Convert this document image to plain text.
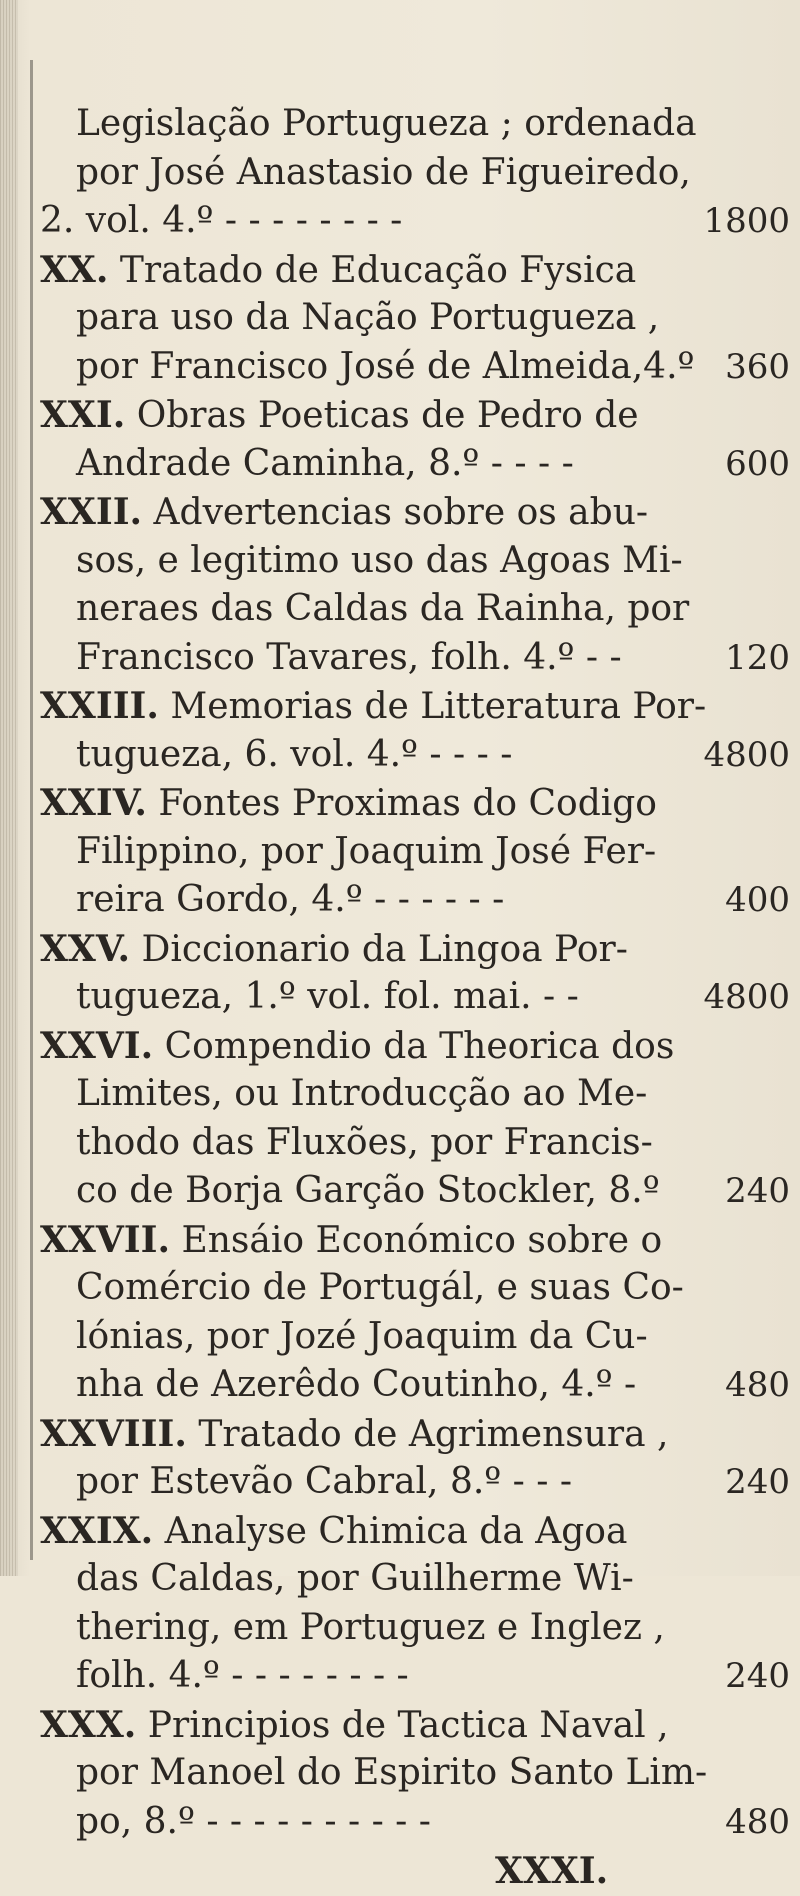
Legislação Portugueza ; ordenada
por José Anastasio de Figueiredo,
2. vol. 4.º - - - - - - - -	1800
XX. Tratado de Educação Fysica
para uso da Nação Portugueza ,
por Francisco José de Almeida,4.º 360
XXI. Obras Poeticas de Pedro de
Andrade Caminha, 8.º - - - -	600
XXII. Advertencias sobre os abu-
sos, e legitimo uso das Agoas Mi-
neraes das Caldas da Rainha, por
Francisco Tavares, folh. 4.º - -	120
XXIII. Memorias de Litteratura Por-
tugueza, 6. vol. 4.º - - - -	4800
XXIV. Fontes Proximas do Codigo
Filippino, por Joaquim José Fer-
reira Gordo, 4.º - - - - - -	400
XXV. Diccionario da Lingoa Por-
tugueza, 1.º vol. fol. mai. - -	4800
XXVI. Compendio da Theorica dos
Limites, ou Introducção ao Me-
thodo das Fluxões, por Francis-
co de Borja Garção Stockler, 8.º 240
XXVII. Ensáio Económico sobre o
Comércio de Portugál, e suas Co-
lónias, por Jozé Joaquim da Cu-
nha de Azerêdo Coutinho, 4.º -	480
XXVIII. Tratado de Agrimensura ,
por Estevão Cabral, 8.º - - -	240
XXIX. Analyse Chimica da Agoa
das Caldas, por Guilherme Wi-
thering, em Portuguez e Inglez ,
folh. 4.º - - - - - - - -	240
XXX. Principios de Tactica Naval ,
por Manoel do Espirito Santo Lim-
po, 8.º - - - - - - - - - -	480
XXXI.
